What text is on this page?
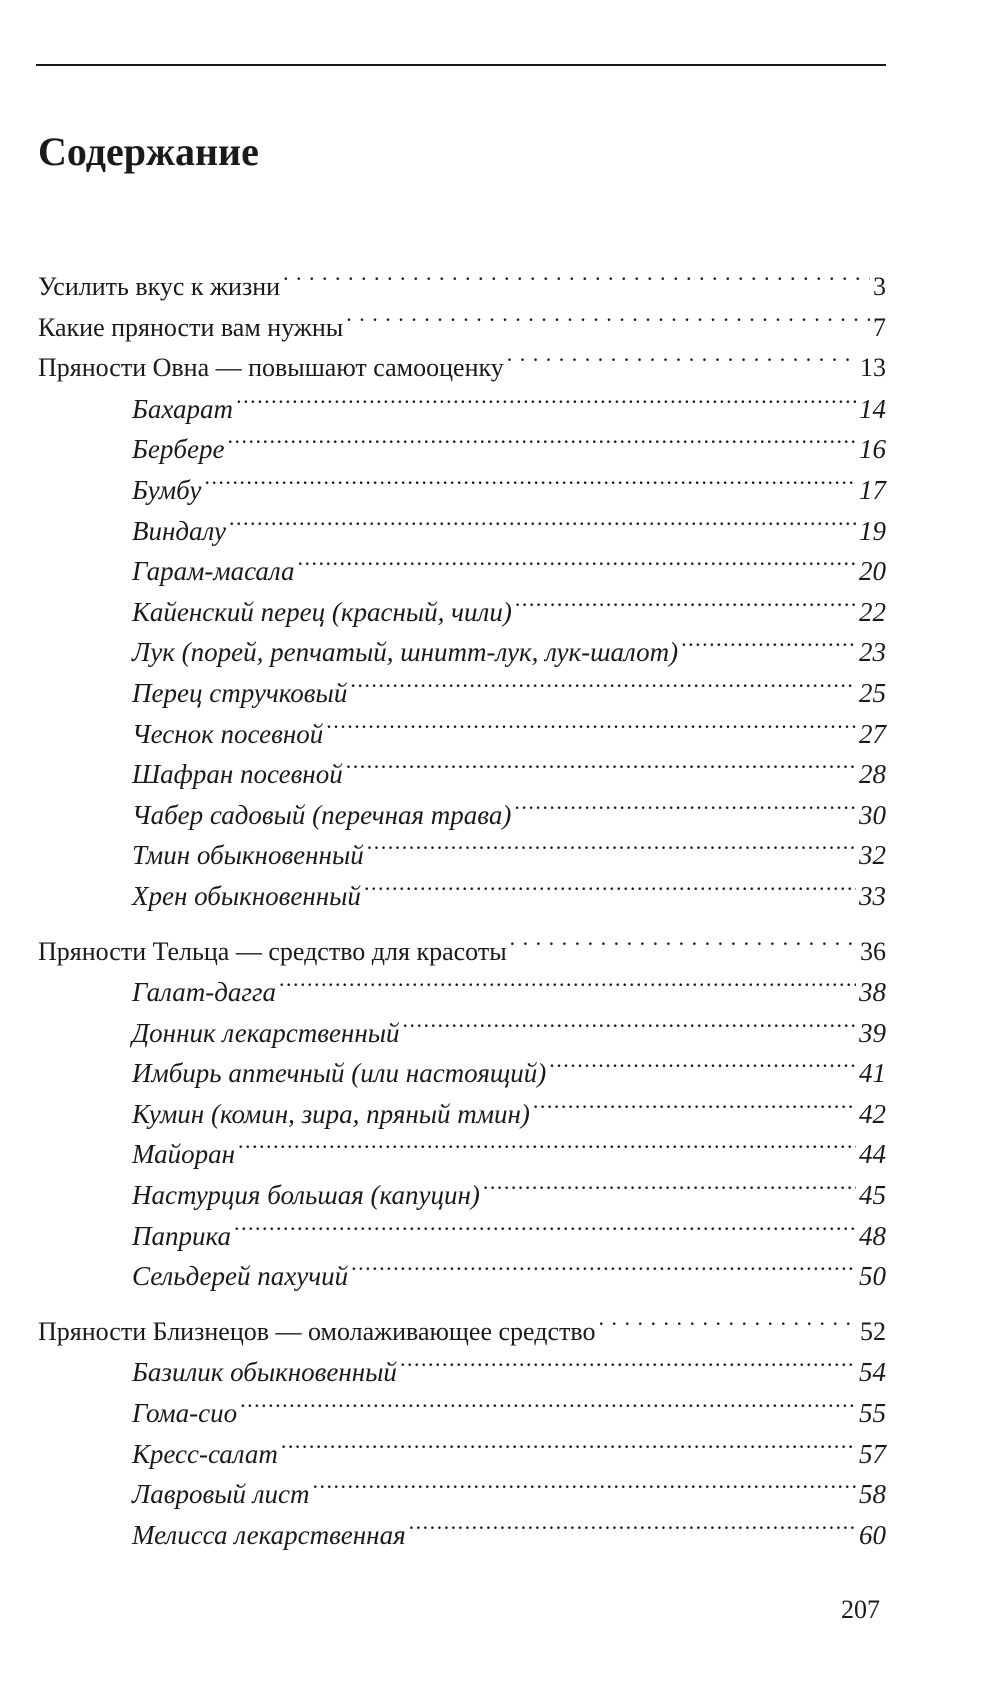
Содержание
Усилить вкус к жизни . . .	3
Какие пряности вам нужны . . .	7
Пряности Овна — повышают самооценку . . .	13
Бахарат . . .	14
Бербере . . .	16
Бумбу . . .	17
Виндалу . . .	19
Гарам-масала . . .	20
Кайенский перец (красный, чили) . . .	22
Лук (порей, репчатый, шнитт-лук, лук-шалот) . . .	23
Перец стручковый . . .	25
Чеснок посевной . . .	27
Шафран посевной . . .	28
Чабер садовый (перечная трава) . . .	30
Тмин обыкновенный . . .	32
Хрен обыкновенный . . .	33
Пряности Тельца — средство для красоты . . .	36
Галат-дагга . . .	38
Донник лекарственный . . .	39
Имбирь аптечный (или настоящий) . . .	41
Кумин (комин, зира, пряный тмин) . . .	42
Майоран . . .	44
Настурция большая (капуцин) . . .	45
Паприка . . .	48
Сельдерей пахучий . . .	50
Пряности Близнецов — омолаживающее средство . . .	52
Базилик обыкновенный . . .	54
Гома-сио . . .	55
Кресс-салат . . .	57
Лавровый лист . . .	58
Мелисса лекарственная . . .	60
207
